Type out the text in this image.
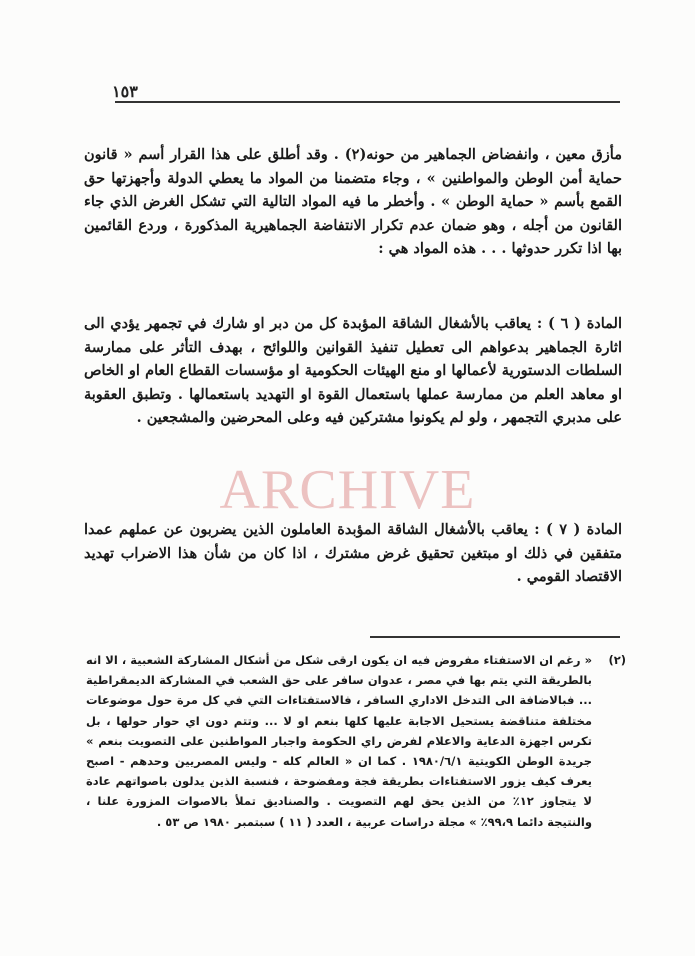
١٥٣

مأزق معين ، وانفضاض الجماهير من حونه(٢) . وقد أطلق على هذا القرار أسم « قانون حماية أمن الوطن والمواطنين » ، وجاء متضمنا من المواد ما يعطي الدولة وأجهزتها حق القمع بأسم « حماية الوطن » . وأخطر ما فيه المواد التالية التي تشكل الغرض الذي جاء القانون من أجله ، وهو ضمان عدم تكرار الانتفاضة الجماهيرية المذكورة ، وردع القائمين بها اذا تكرر حدوثها . . . هذه المواد هي :

المادة ( ٦ ) : يعاقب بالأشغال الشاقة المؤبدة كل من دبر او شارك في تجمهر يؤدي الى اثارة الجماهير بدعواهم الى تعطيل تنفيذ القوانين واللوائح ، بهدف التأثر على ممارسة السلطات الدستورية لأعمالها او منع الهيئات الحكومية او مؤسسات القطاع العام او الخاص او معاهد العلم من ممارسة عملها باستعمال القوة او التهديد باستعمالها . وتطبق العقوبة على مدبري التجمهر ، ولو لم يكونوا مشتركين فيه وعلى المحرضين والمشجعين .

المادة ( ٧ ) : يعاقب بالأشغال الشاقة المؤبدة العاملون الذين يضربون عن عملهم عمدا متفقين في ذلك او مبتغين تحقيق غرض مشترك ، اذا كان من شأن هذا الاضراب تهديد الاقتصاد القومي .

ARCHIVE
(٢)
« رغم ان الاستفتاء مفروض فيه ان يكون ارقى شكل من أشكال المشاركة الشعبية ، الا انه بالطريقة التي يتم بها في مصر ، عدوان سافر على حق الشعب في المشاركة الديمقراطية ... فبالاضافة الى التدخل الاداري السافر ، فالاستفتاءات التي في كل مرة حول موضوعات مختلفة متناقضة يستحيل الاجابة عليها كلها بنعم او لا ... وتتم دون اي حوار حولها ، بل تكرس اجهزة الدعاية والاعلام لفرض راي الحكومة واجبار المواطنين على التصويت بنعم » جريدة الوطن الكويتية ١٩٨٠/٦/١ . كما ان « العالم كله - وليس المصريين وحدهم - اصبح يعرف كيف يزور الاستفتاءات بطريقة فجة ومفضوحة ، فنسبة الذين يدلون باصواتهم عادة لا يتجاوز ١٢٪ من الذين يحق لهم التصويت . والصناديق تملأ بالاصوات المزورة علنا ، والنتيجة دائما ٩٩،٩٪ » مجلة دراسات عربية ، العدد ( ١١ ) سبتمبر ١٩٨٠ ص ٥٣ .
